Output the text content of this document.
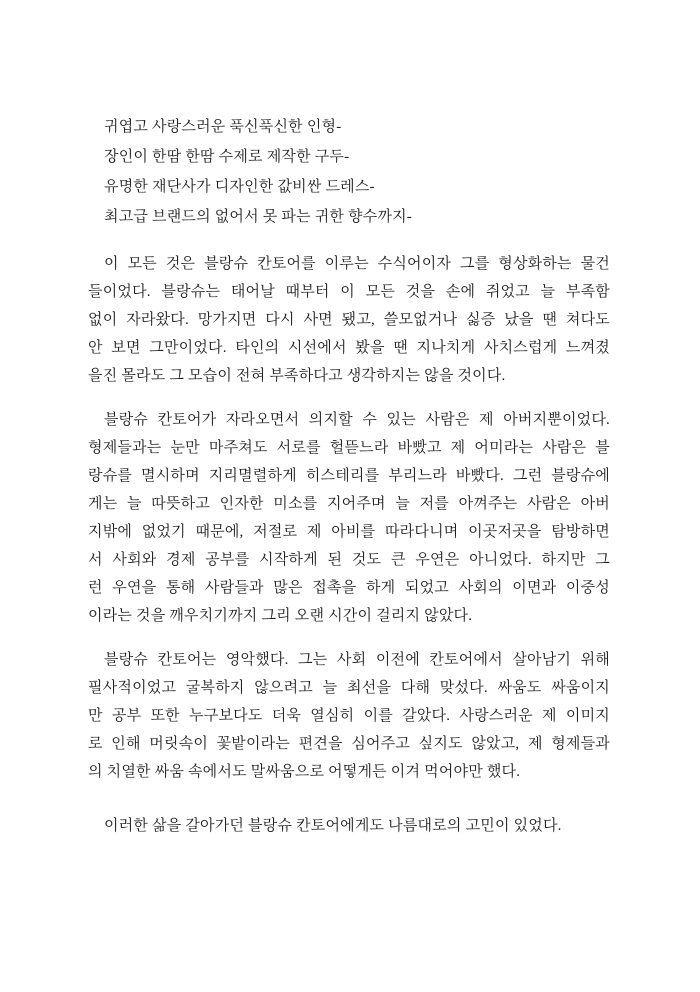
귀엽고 사랑스러운 푹신푹신한 인형-
장인이 한땀 한땀 수제로 제작한 구두-
유명한 재단사가 디자인한 값비싼 드레스-
최고급 브랜드의 없어서 못 파는 귀한 향수까지-
이 모든 것은 블랑슈 칸토어를 이루는 수식어이자 그를 형상화하는 물건
들이었다. 블랑슈는 태어날 때부터 이 모든 것을 손에 쥐었고 늘 부족함
없이 자라왔다. 망가지면 다시 사면 됐고, 쓸모없거나 싫증 났을 땐 쳐다도
안 보면 그만이었다. 타인의 시선에서 봤을 땐 지나치게 사치스럽게 느껴졌
을진 몰라도 그 모습이 전혀 부족하다고 생각하지는 않을 것이다.
블랑슈 칸토어가 자라오면서 의지할 수 있는 사람은 제 아버지뿐이었다.
형제들과는 눈만 마주쳐도 서로를 헐뜯느라 바빴고 제 어미라는 사람은 블
랑슈를 멸시하며 지리멸렬하게 히스테리를 부리느라 바빴다. 그런 블랑슈에
게는 늘 따뜻하고 인자한 미소를 지어주며 늘 저를 아껴주는 사람은 아버
지밖에 없었기 때문에, 저절로 제 아비를 따라다니며 이곳저곳을 탐방하면
서 사회와 경제 공부를 시작하게 된 것도 큰 우연은 아니었다. 하지만 그
런 우연을 통해 사람들과 많은 접촉을 하게 되었고 사회의 이면과 이중성
이라는 것을 깨우치기까지 그리 오랜 시간이 걸리지 않았다.
블랑슈 칸토어는 영악했다. 그는 사회 이전에 칸토어에서 살아남기 위해
필사적이었고 굴복하지 않으려고 늘 최선을 다해 맞섰다. 싸움도 싸움이지
만 공부 또한 누구보다도 더욱 열심히 이를 갈았다. 사랑스러운 제 이미지
로 인해 머릿속이 꽃밭이라는 편견을 심어주고 싶지도 않았고, 제 형제들과
의 치열한 싸움 속에서도 말싸움으로 어떻게든 이겨 먹어야만 했다.
이러한 삶을 갈아가던 블랑슈 칸토어에게도 나름대로의 고민이 있었다.
